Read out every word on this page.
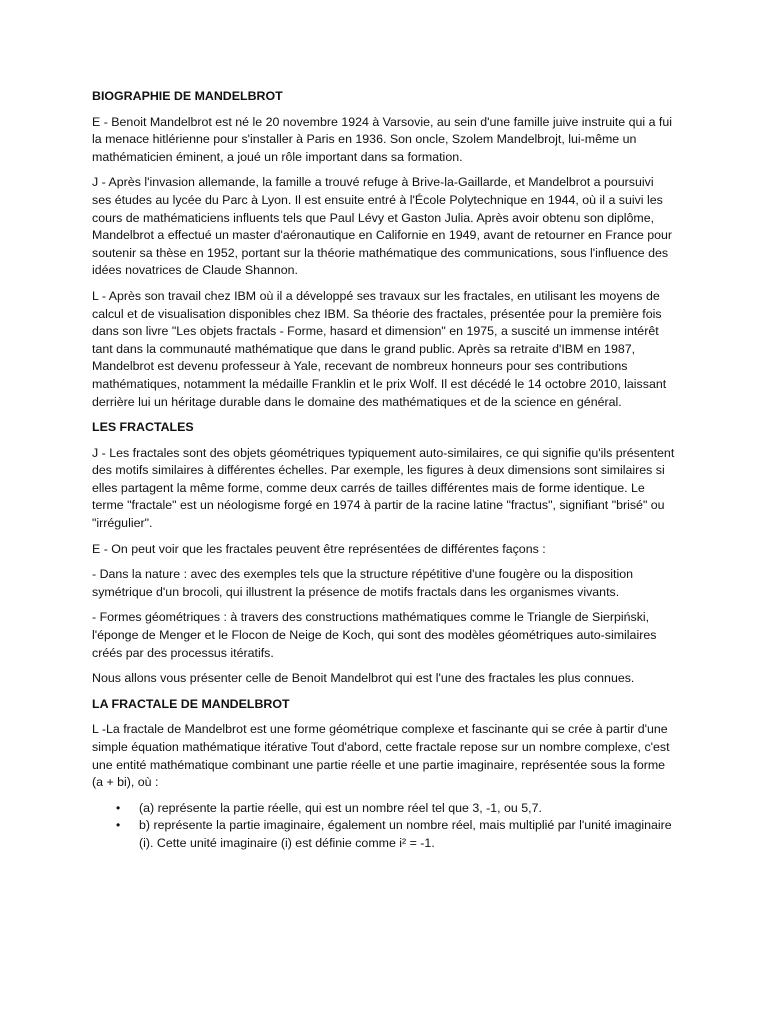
BIOGRAPHIE DE MANDELBROT

E - Benoit Mandelbrot est né le 20 novembre 1924 à Varsovie, au sein d'une famille juive instruite qui a fui la menace hitlérienne pour s'installer à Paris en 1936. Son oncle, Szolem Mandelbrojt, lui-même un mathématicien éminent, a joué un rôle important dans sa formation.

J - Après l'invasion allemande, la famille a trouvé refuge à Brive-la-Gaillarde, et Mandelbrot a poursuivi ses études au lycée du Parc à Lyon. Il est ensuite entré à l'École Polytechnique en 1944, où il a suivi les cours de mathématiciens influents tels que Paul Lévy et Gaston Julia. Après avoir obtenu son diplôme, Mandelbrot a effectué un master d'aéronautique en Californie en 1949, avant de retourner en France pour soutenir sa thèse en 1952, portant sur la théorie mathématique des communications, sous l'influence des idées novatrices de Claude Shannon.

L - Après son travail chez IBM où il a développé ses travaux sur les fractales, en utilisant les moyens de calcul et de visualisation disponibles chez IBM. Sa théorie des fractales, présentée pour la première fois dans son livre "Les objets fractals - Forme, hasard et dimension" en 1975, a suscité un immense intérêt tant dans la communauté mathématique que dans le grand public. Après sa retraite d'IBM en 1987, Mandelbrot est devenu professeur à Yale, recevant de nombreux honneurs pour ses contributions mathématiques, notamment la médaille Franklin et le prix Wolf. Il est décédé le 14 octobre 2010, laissant derrière lui un héritage durable dans le domaine des mathématiques et de la science en général.

LES FRACTALES

J - Les fractales sont des objets géométriques typiquement auto-similaires, ce qui signifie qu'ils présentent des motifs similaires à différentes échelles. Par exemple, les figures à deux dimensions sont similaires si elles partagent la même forme, comme deux carrés de tailles différentes mais de forme identique. Le terme "fractale" est un néologisme forgé en 1974 à partir de la racine latine "fractus", signifiant "brisé" ou "irrégulier".

E - On peut voir que les fractales peuvent être représentées de différentes façons :

- Dans la nature : avec des exemples tels que la structure répétitive d'une fougère ou la disposition symétrique d'un brocoli, qui illustrent la présence de motifs fractals dans les organismes vivants.

- Formes géométriques : à travers des constructions mathématiques comme le Triangle de Sierpiński, l'éponge de Menger et le Flocon de Neige de Koch, qui sont des modèles géométriques auto-similaires créés par des processus itératifs.

Nous allons vous présenter celle de Benoit Mandelbrot qui est l'une des fractales les plus connues.

LA FRACTALE DE MANDELBROT

L -La fractale de Mandelbrot est une forme géométrique complexe et fascinante qui se crée à partir d'une simple équation mathématique itérative Tout d'abord, cette fractale repose sur un nombre complexe, c'est une entité mathématique combinant une partie réelle et une partie imaginaire, représentée sous la forme (a + bi), où :

• (a) représente la partie réelle, qui est un nombre réel tel que 3, -1, ou 5,7.
• b) représente la partie imaginaire, également un nombre réel, mais multiplié par l'unité imaginaire (i). Cette unité imaginaire (i) est définie comme i² = -1.
